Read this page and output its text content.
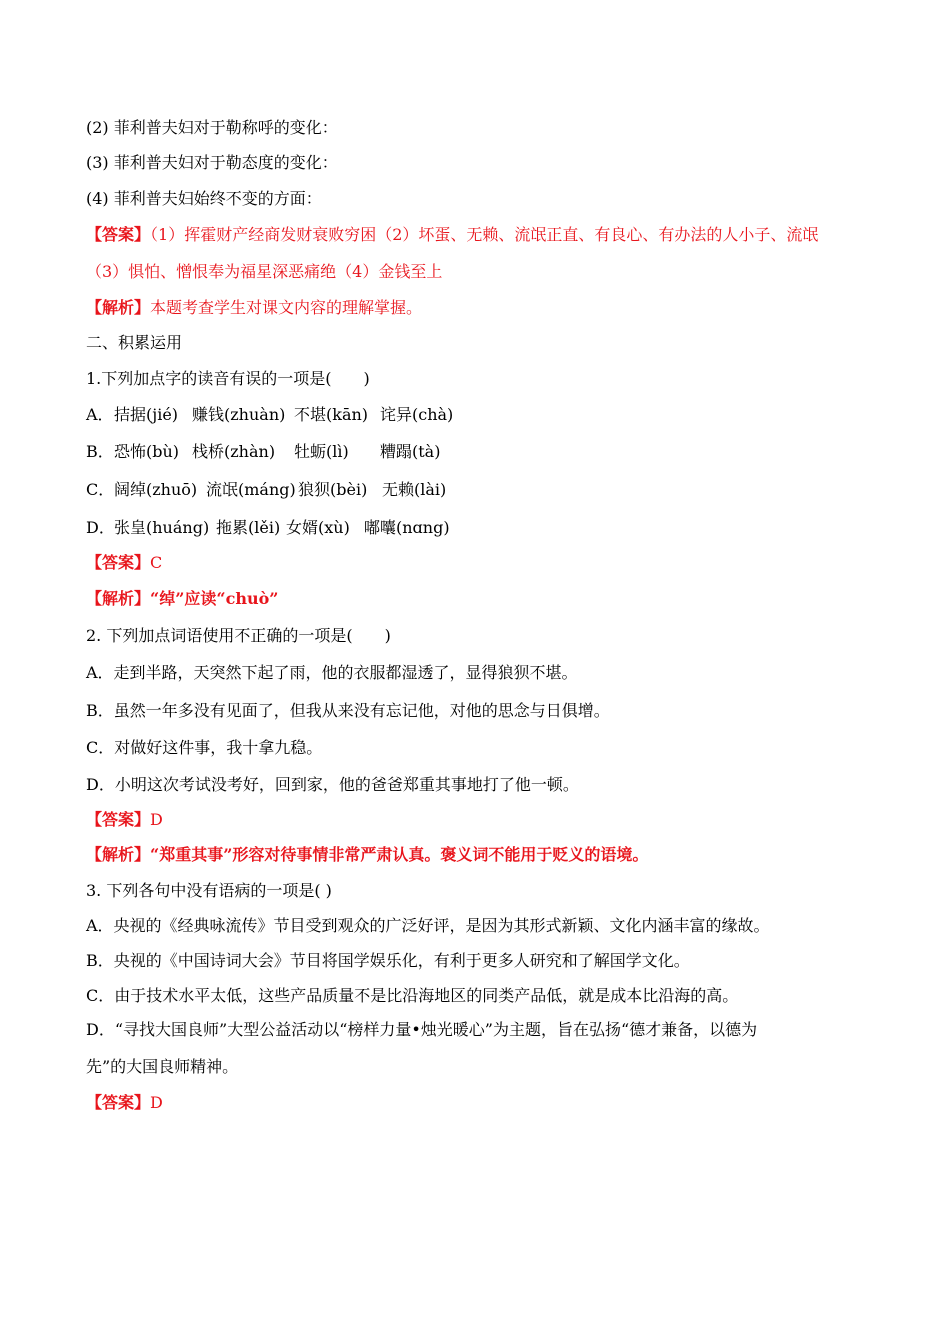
(2) 菲利普夫妇对于勒称呼的变化：
(3) 菲利普夫妇对于勒态度的变化：
(4) 菲利普夫妇始终不变的方面：
【答案】（1）挥霍财产经商发财衰败穷困（2）坏蛋、无赖、流氓正直、有良心、有办法的人小子、流氓
（3）惧怕、憎恨奉为福星深恶痛绝（4）金钱至上
【解析】本题考查学生对课文内容的理解掌握。
二、积累运用
1.下列加点字的读音有误的一项是(　　)
A．拮据(jié) 赚钱(zhuàn) 不堪(kān) 诧异(chà)
B．恐怖(bù) 栈桥(zhàn) 牡蛎(lì) 糟蹋(tà)
C．阔绰(zhuō) 流氓(máng) 狼狈(bèi) 无赖(lài)
D．张皇(huáng) 拖累(lěi) 女婿(xù) 嘟囔(nɑng)
【答案】C
【解析】“绰”应读“chuò”
2. 下列加点词语使用不正确的一项是(　　)
A．走到半路，天突然下起了雨，他的衣服都湿透了，显得狼狈不堪。
B．虽然一年多没有见面了，但我从来没有忘记他，对他的思念与日俱增。
C．对做好这件事，我十拿九稳。
D．小明这次考试没考好，回到家，他的爸爸郑重其事地打了他一顿。
【答案】D
【解析】“郑重其事”形容对待事情非常严肃认真。褒义词不能用于贬义的语境。
3. 下列各句中没有语病的一项是( )
A．央视的《经典咏流传》节目受到观众的广泛好评，是因为其形式新颖、文化内涵丰富的缘故。
B．央视的《中国诗词大会》节目将国学娱乐化，有利于更多人研究和了解国学文化。
C．由于技术水平太低，这些产品质量不是比沿海地区的同类产品低，就是成本比沿海的高。
D．“寻找大国良师”大型公益活动以“榜样力量•烛光暖心”为主题，旨在弘扬“德才兼备，以德为
先”的大国良师精神。
【答案】D
